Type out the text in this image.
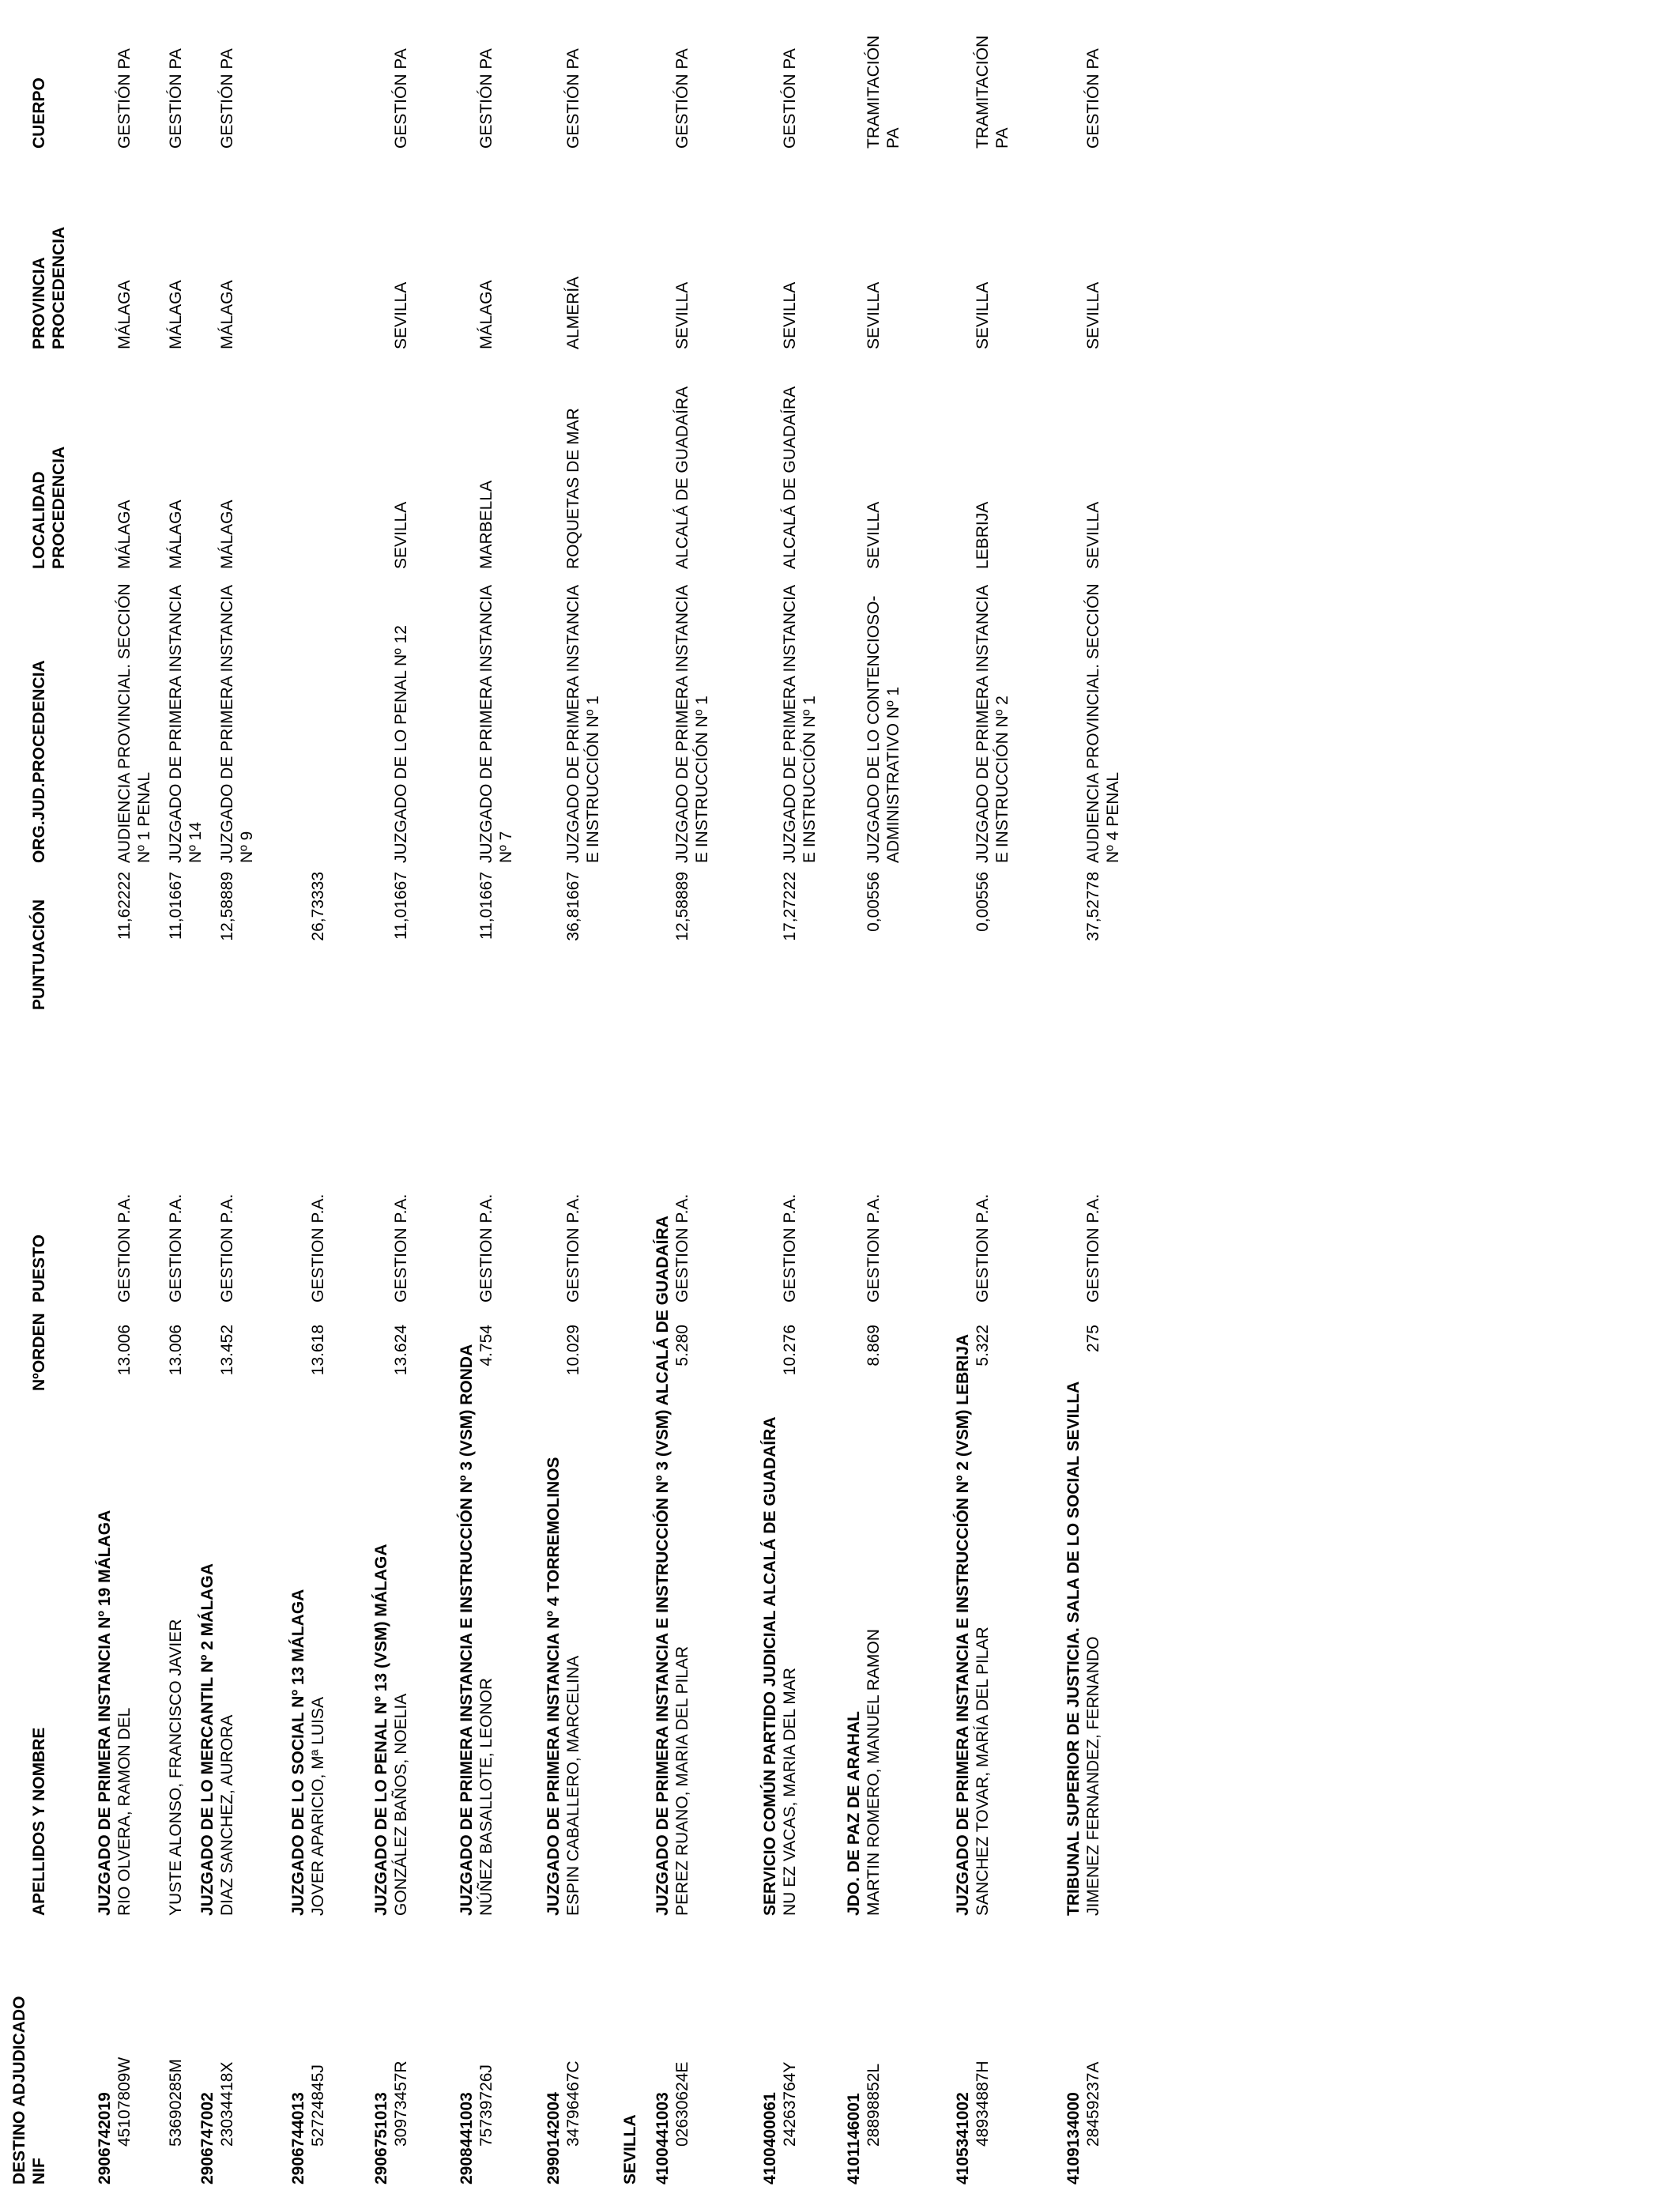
DESTINO ADJUDICADO NIF
APELLIDOS Y NOMBRE
NºORDEN
PUESTO
PUNTUACIÓN
ORG.JUD.PROCEDENCIA
LOCALIDAD PROCEDENCIA
PROVINCIA PROCEDENCIA
CUERPO
SEVILLA
2906742019
JUZGADO DE PRIMERA INSTANCIA Nº 19 MÁLAGA
45107809W
RIO OLVERA, RAMON DEL
13.006
GESTION P.A.
11,62222
AUDIENCIA PROVINCIAL. SECCIÓN Nº 1 PENAL
MÁLAGA
MÁLAGA
GESTIÓN PA
53690285M
YUSTE ALONSO, FRANCISCO JAVIER
13.006
GESTION P.A.
11,01667
JUZGADO DE PRIMERA INSTANCIA Nº 14
MÁLAGA
MÁLAGA
GESTIÓN PA
2906747002
JUZGADO DE LO MERCANTIL Nº 2 MÁLAGA
23034418X
DIAZ SANCHEZ, AURORA
13.452
GESTION P.A.
12,58889
JUZGADO DE PRIMERA INSTANCIA Nº 9
MÁLAGA
MÁLAGA
GESTIÓN PA
2906744013
JUZGADO DE LO SOCIAL Nº 13 MÁLAGA
52724845J
JOVER APARICIO, Mª LUISA
13.618
GESTION P.A.
26,73333
2906751013
JUZGADO DE LO PENAL Nº 13 (VSM) MÁLAGA
30973457R
GONZÁLEZ BAÑOS, NOELIA
13.624
GESTION P.A.
11,01667
JUZGADO DE LO PENAL Nº 12
SEVILLA
SEVILLA
GESTIÓN PA
2908441003
JUZGADO DE PRIMERA INSTANCIA E INSTRUCCIÓN Nº 3 (VSM) RONDA
75739726J
NÚÑEZ BASALLOTE, LEONOR
4.754
GESTION P.A.
11,01667
JUZGADO DE PRIMERA INSTANCIA Nº 7
MARBELLA
MÁLAGA
GESTIÓN PA
2990142004
JUZGADO DE PRIMERA INSTANCIA Nº 4 TORREMOLINOS
34796467C
ESPIN CABALLERO, MARCELINA
10.029
GESTION P.A.
36,81667
JUZGADO DE PRIMERA INSTANCIA E INSTRUCCIÓN Nº 1
ROQUETAS DE MAR
ALMERÍA
GESTIÓN PA
4100441003
JUZGADO DE PRIMERA INSTANCIA E INSTRUCCIÓN Nº 3 (VSM) ALCALÁ DE GUADAÍRA
02630624E
PEREZ RUANO, MARIA DEL PILAR
5.280
GESTION P.A.
12,58889
JUZGADO DE PRIMERA INSTANCIA E INSTRUCCIÓN Nº 1
ALCALÁ DE GUADAÍRA
SEVILLA
GESTIÓN PA
4100400061
SERVICIO COMÚN PARTIDO JUDICIAL ALCALÁ DE GUADAÍRA
24263764Y
NU EZ VACAS, MARIA DEL MAR
10.276
GESTION P.A.
17,27222
JUZGADO DE PRIMERA INSTANCIA E INSTRUCCIÓN Nº 1
ALCALÁ DE GUADAÍRA
SEVILLA
GESTIÓN PA
4101146001
JDO. DE PAZ DE ARAHAL
28898852L
MARTIN ROMERO, MANUEL RAMON
8.869
GESTION P.A.
0,00556
JUZGADO DE LO CONTENCIOSO-ADMINISTRATIVO Nº 1
SEVILLA
SEVILLA
TRAMITACIÓN PA
4105341002
JUZGADO DE PRIMERA INSTANCIA E INSTRUCCIÓN Nº 2 (VSM) LEBRIJA
48934887H
SANCHEZ TOVAR, MARÍA DEL PILAR
5.322
GESTION P.A.
0,00556
JUZGADO DE PRIMERA INSTANCIA E INSTRUCCIÓN Nº 2
LEBRIJA
SEVILLA
TRAMITACIÓN PA
4109134000
TRIBUNAL SUPERIOR DE JUSTICIA. SALA DE LO SOCIAL SEVILLA
28459237A
JIMENEZ FERNANDEZ, FERNANDO
275
GESTION P.A.
37,52778
AUDIENCIA PROVINCIAL. SECCIÓN Nº 4 PENAL
SEVILLA
SEVILLA
GESTIÓN PA
